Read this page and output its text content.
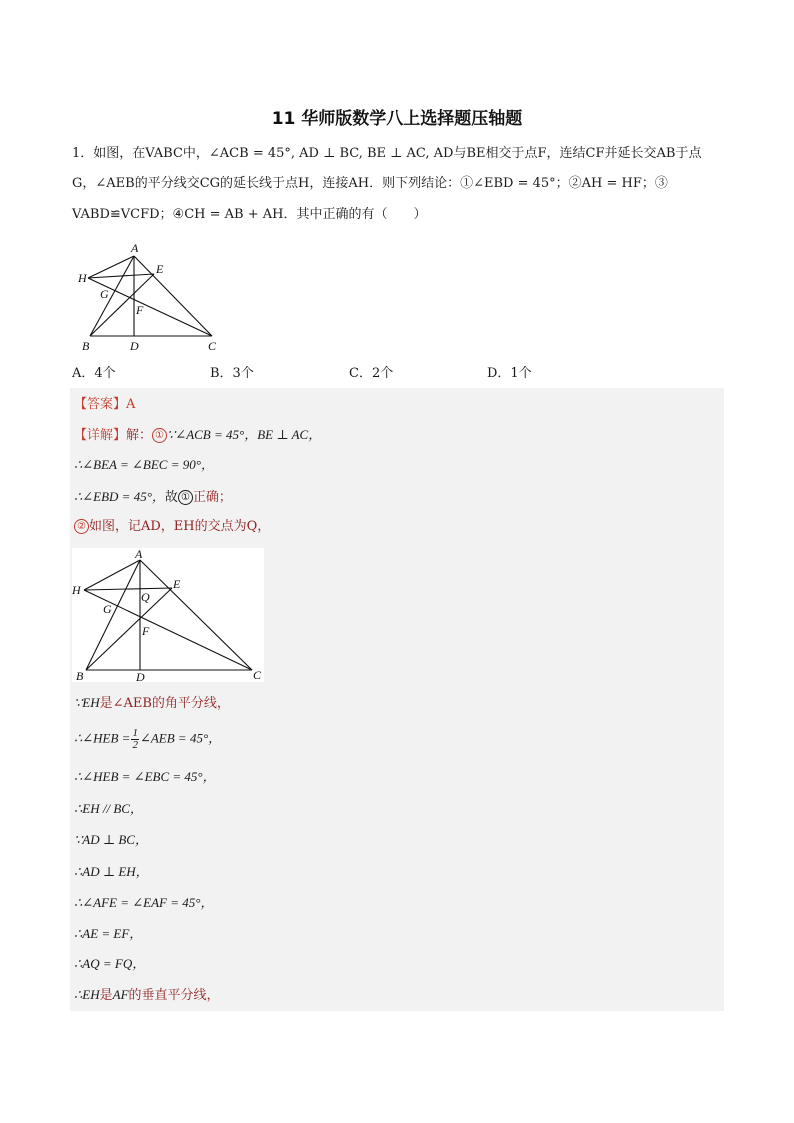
11 华师版数学八上选择题压轴题
1．如图，在VABC中，∠ACB = 45°, AD ⊥ BC, BE ⊥ AC, AD与BE相交于点F，连结CF并延长交AB于点
G，∠AEB的平分线交CG的延长线于点H，连接AH．则下列结论：①∠EBD = 45°；②AH = HF；③
VABD≌VCFD；④CH = AB + AH．其中正确的有（　　）
A
E
H
G
F
B	D	C
A．4个	B．3个	C．2个	D．1个
【答案】A
【详解】解： ① ∵∠ACB = 45°，BE ⊥ AC，
∴∠BEA = ∠BEC = 90°，
∴∠EBD = 45°，故 ① 正确；
② 如图，记AD，EH的交点为Q，
∵EH是∠AEB的角平分线，
∴∠HEB = $\frac{1}{2}$ ∠AEB = 45°，
∴∠HEB = ∠EBC = 45°，
∴EH // BC，
∵AD ⊥ BC，
∴AD ⊥ EH，
∴∠AFE = ∠EAF = 45°，
∴AE = EF，
∴AQ = FQ，
∴EH是AF的垂直平分线，
A
E
H	Q
G
F
B	D	C
